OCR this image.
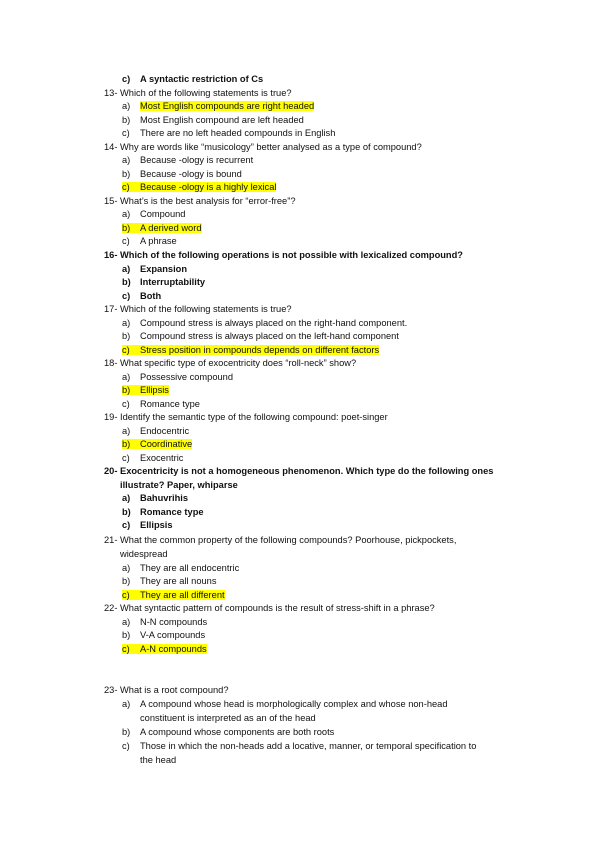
c) A syntactic restriction of Cs
13- Which of the following statements is true?
a) Most English compounds are right headed
b) Most English compound are left headed
c) There are no left headed compounds in English
14- Why are words like “musicology” better analysed as a type of compound?
a) Because -ology is recurrent
b) Because -ology is bound
c) Because -ology is a highly lexical
15- What’s is the best analysis for “error-free”?
a) Compound
b) A derived word
c) A phrase
16- Which of the following operations is not possible with lexicalized compound?
a) Expansion
b) Interruptability
c) Both
17- Which of the following statements is true?
a) Compound stress is always placed on the right-hand component.
b) Compound stress is always placed on the left-hand component
c) Stress position in compounds depends on different factors
18- What specific type of exocentricity does “roll-neck” show?
a) Possessive compound
b) Ellipsis
c) Romance type
19- Identify the semantic type of the following compound: poet-singer
a) Endocentric
b) Coordinative
c) Exocentric
20- Exocentricity is not a homogeneous phenomenon. Which type do the following ones
illustrate? Paper, whiparse
a) Bahuvrihis
b) Romance type
c) Ellipsis
21- What the common property of the following compounds? Poorhouse, pickpockets,
widespread
a) They are all endocentric
b) They are all nouns
c) They are all different
22- What syntactic pattern of compounds is the result of stress-shift in a phrase?
a) N-N compounds
b) V-A compounds
c) A-N compounds
23- What is a root compound?
a) A compound whose head is morphologically complex and whose non-head
constituent is interpreted as an of the head
b) A compound whose components are both roots
c) Those in which the non-heads add a locative, manner, or temporal specification to
the head
